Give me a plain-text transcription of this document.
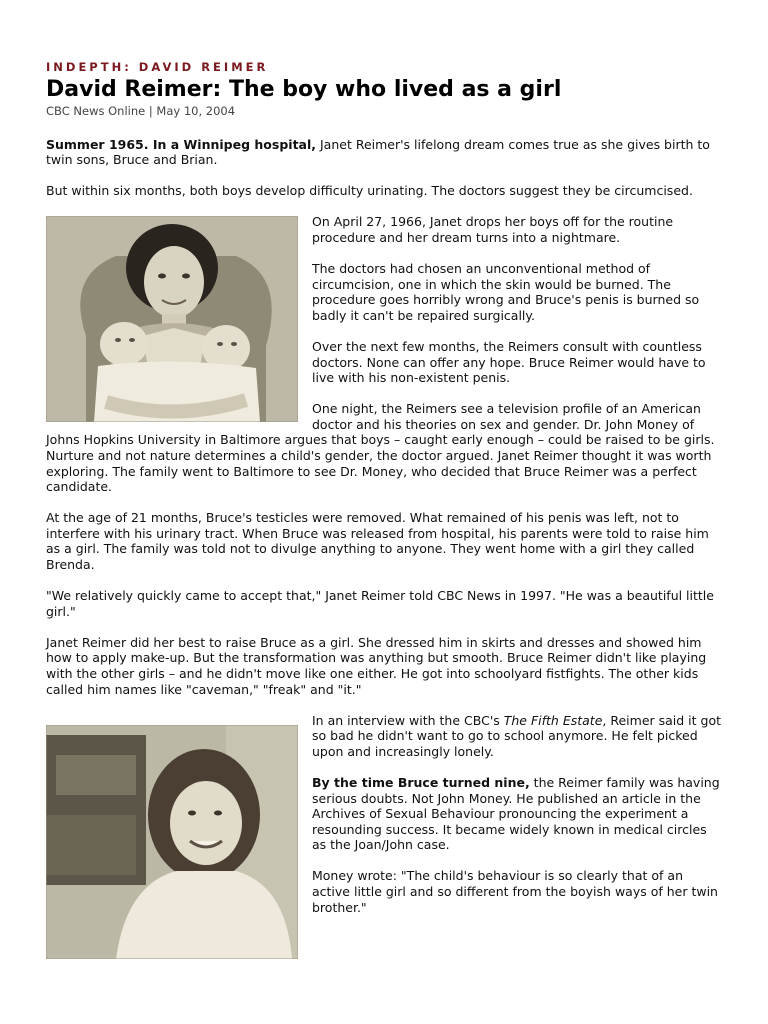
INDEPTH: DAVID REIMER
David Reimer: The boy who lived as a girl
CBC News Online | May 10, 2004

Summer 1965. In a Winnipeg hospital, Janet Reimer's lifelong dream comes true as she gives birth to twin sons, Bruce and Brian.

But within six months, both boys develop difficulty urinating. The doctors suggest they be circumcised.

On April 27, 1966, Janet drops her boys off for the routine procedure and her dream turns into a nightmare.

The doctors had chosen an unconventional method of circumcision, one in which the skin would be burned. The procedure goes horribly wrong and Bruce's penis is burned so badly it can't be repaired surgically.

Over the next few months, the Reimers consult with countless doctors. None can offer any hope. Bruce Reimer would have to live with his non-existent penis.

One night, the Reimers see a television profile of an American doctor and his theories on sex and gender. Dr. John Money of Johns Hopkins University in Baltimore argues that boys – caught early enough – could be raised to be girls. Nurture and not nature determines a child's gender, the doctor argued. Janet Reimer thought it was worth exploring. The family went to Baltimore to see Dr. Money, who decided that Bruce Reimer was a perfect candidate.

At the age of 21 months, Bruce's testicles were removed. What remained of his penis was left, not to interfere with his urinary tract. When Bruce was released from hospital, his parents were told to raise him as a girl. The family was told not to divulge anything to anyone. They went home with a girl they called Brenda.

"We relatively quickly came to accept that," Janet Reimer told CBC News in 1997. "He was a beautiful little girl."

Janet Reimer did her best to raise Bruce as a girl. She dressed him in skirts and dresses and showed him how to apply make-up. But the transformation was anything but smooth. Bruce Reimer didn't like playing with the other girls – and he didn't move like one either. He got into schoolyard fistfights. The other kids called him names like "caveman," "freak" and "it."

In an interview with the CBC's The Fifth Estate, Reimer said it got so bad he didn't want to go to school anymore. He felt picked upon and increasingly lonely.

By the time Bruce turned nine, the Reimer family was having serious doubts. Not John Money. He published an article in the Archives of Sexual Behaviour pronouncing the experiment a resounding success. It became widely known in medical circles as the Joan/John case.

Money wrote: "The child's behaviour is so clearly that of an active little girl and so different from the boyish ways of her twin brother."
